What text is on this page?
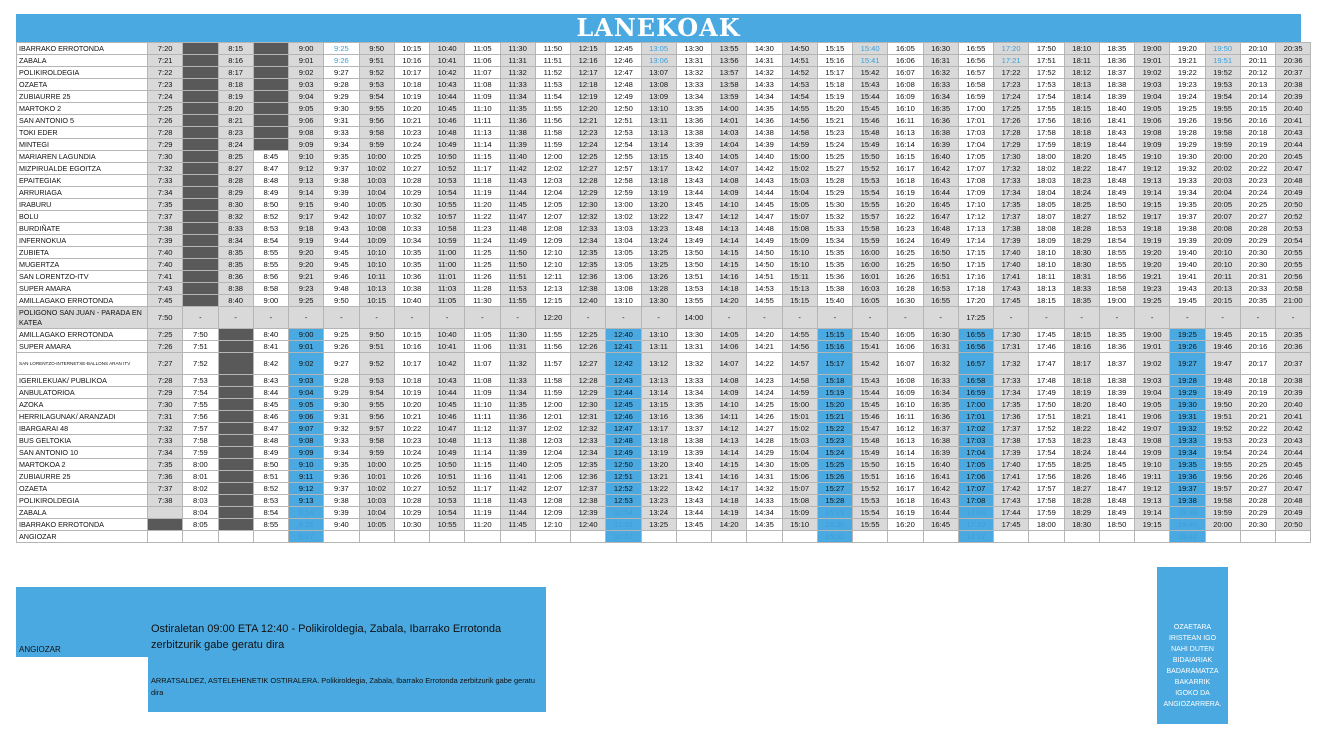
LANEKOAK
IBARRAKO ERROTONDA	7:20		8:15		9:00	9:25	9:50	10:15	10:40	11:05	11:30	11:50	12:15	12:45	13:05	13:30	13:55	14:30	14:50	15:15	15:40	16:05	16:30	16:55	17:20	17:50	18:10	18:35	19:00	19:20	19:50	20:10	20:35
ZABALA	7:21		8:16		9:01	9:26	9:51	10:16	10:41	11:06	11:31	11:51	12:16	12:46	13:06	13:31	13:56	14:31	14:51	15:16	15:41	16:06	16:31	16:56	17:21	17:51	18:11	18:36	19:01	19:21	19:51	20:11	20:36
POLIKIROLDEGIA	7:22		8:17		9:02	9:27	9:52	10:17	10:42	11:07	11:32	11:52	12:17	12:47	13:07	13:32	13:57	14:32	14:52	15:17	15:42	16:07	16:32	16:57	17:22	17:52	18:12	18:37	19:02	19:22	19:52	20:12	20:37
OZAETA	7:23		8:18		9:03	9:28	9:53	10:18	10:43	11:08	11:33	11:53	12:18	12:48	13:08	13:33	13:58	14:33	14:53	15:18	15:43	16:08	16:33	16:58	17:23	17:53	18:13	18:38	19:03	19:23	19:53	20:13	20:38
ZUBIAURRE 25	7:24		8:19		9:04	9:29	9:54	10:19	10:44	11:09	11:34	11:54	12:19	12:49	13:09	13:34	13:59	14:34	14:54	15:19	15:44	16:09	16:34	16:59	17:24	17:54	18:14	18:39	19:04	19:24	19:54	20:14	20:39
MARTOKO 2	7:25		8:20		9:05	9:30	9:55	10:20	10:45	11:10	11:35	11:55	12:20	12:50	13:10	13:35	14:00	14:35	14:55	15:20	15:45	16:10	16:35	17:00	17:25	17:55	18:15	18:40	19:05	19:25	19:55	20:15	20:40
SAN ANTONIO 5	7:26		8:21		9:06	9:31	9:56	10:21	10:46	11:11	11:36	11:56	12:21	12:51	13:11	13:36	14:01	14:36	14:56	15:21	15:46	16:11	16:36	17:01	17:26	17:56	18:16	18:41	19:06	19:26	19:56	20:16	20:41
TOKI EDER	7:28		8:23		9:08	9:33	9:58	10:23	10:48	11:13	11:38	11:58	12:23	12:53	13:13	13:38	14:03	14:38	14:58	15:23	15:48	16:13	16:38	17:03	17:28	17:58	18:18	18:43	19:08	19:28	19:58	20:18	20:43
MINTEGI	7:29		8:24		9:09	9:34	9:59	10:24	10:49	11:14	11:39	11:59	12:24	12:54	13:14	13:39	14:04	14:39	14:59	15:24	15:49	16:14	16:39	17:04	17:29	17:59	18:19	18:44	19:09	19:29	19:59	20:19	20:44
MARIAREN LAGUNDIA	7:30		8:25	8:45	9:10	9:35	10:00	10:25	10:50	11:15	11:40	12:00	12:25	12:55	13:15	13:40	14:05	14:40	15:00	15:25	15:50	16:15	16:40	17:05	17:30	18:00	18:20	18:45	19:10	19:30	20:00	20:20	20:45
MIZPIRUALDE EGOITZA	7:32		8:27	8:47	9:12	9:37	10:02	10:27	10:52	11:17	11:42	12:02	12:27	12:57	13:17	13:42	14:07	14:42	15:02	15:27	15:52	16:17	16:42	17:07	17:32	18:02	18:22	18:47	19:12	19:32	20:02	20:22	20:47
EPAITEGIAK	7:33		8:28	8:48	9:13	9:38	10:03	10:28	10:53	11:18	11:43	12:03	12:28	12:58	13:18	13:43	14:08	14:43	15:03	15:28	15:53	16:18	16:43	17:08	17:33	18:03	18:23	18:48	19:13	19:33	20:03	20:23	20:48
ARRURIAGA	7:34		8:29	8:49	9:14	9:39	10:04	10:29	10:54	11:19	11:44	12:04	12:29	12:59	13:19	13:44	14:09	14:44	15:04	15:29	15:54	16:19	16:44	17:09	17:34	18:04	18:24	18:49	19:14	19:34	20:04	20:24	20:49
IRABURU	7:35		8:30	8:50	9:15	9:40	10:05	10:30	10:55	11:20	11:45	12:05	12:30	13:00	13:20	13:45	14:10	14:45	15:05	15:30	15:55	16:20	16:45	17:10	17:35	18:05	18:25	18:50	19:15	19:35	20:05	20:25	20:50
BOLU	7:37		8:32	8:52	9:17	9:42	10:07	10:32	10:57	11:22	11:47	12:07	12:32	13:02	13:22	13:47	14:12	14:47	15:07	15:32	15:57	16:22	16:47	17:12	17:37	18:07	18:27	18:52	19:17	19:37	20:07	20:27	20:52
BURDIÑATE	7:38		8:33	8:53	9:18	9:43	10:08	10:33	10:58	11:23	11:48	12:08	12:33	13:03	13:23	13:48	14:13	14:48	15:08	15:33	15:58	16:23	16:48	17:13	17:38	18:08	18:28	18:53	19:18	19:38	20:08	20:28	20:53
INFERNOKUA	7:39		8:34	8:54	9:19	9:44	10:09	10:34	10:59	11:24	11:49	12:09	12:34	13:04	13:24	13:49	14:14	14:49	15:09	15:34	15:59	16:24	16:49	17:14	17:39	18:09	18:29	18:54	19:19	19:39	20:09	20:29	20:54
ZUBIETA	7:40		8:35	8:55	9:20	9:45	10:10	10:35	11:00	11:25	11:50	12:10	12:35	13:05	13:25	13:50	14:15	14:50	15:10	15:35	16:00	16:25	16:50	17:15	17:40	18:10	18:30	18:55	19:20	19:40	20:10	20:30	20:55
MUGERTZA	7:40		8:35	8:55	9:20	9:45	10:10	10:35	11:00	11:25	11:50	12:10	12:35	13:05	13:25	13:50	14:15	14:50	15:10	15:35	16:00	16:25	16:50	17:15	17:40	18:10	18:30	18:55	19:20	19:40	20:10	20:30	20:55
SAN LORENTZO-ITV	7:41		8:36	8:56	9:21	9:46	10:11	10:36	11:01	11:26	11:51	12:11	12:36	13:06	13:26	13:51	14:16	14:51	15:11	15:36	16:01	16:26	16:51	17:16	17:41	18:11	18:31	18:56	19:21	19:41	20:11	20:31	20:56
SUPER AMARA	7:43		8:38	8:58	9:23	9:48	10:13	10:38	11:03	11:28	11:53	12:13	12:38	13:08	13:28	13:53	14:18	14:53	15:13	15:38	16:03	16:28	16:53	17:18	17:43	18:13	18:33	18:58	19:23	19:43	20:13	20:33	20:58
AMILLAGAKO ERROTONDA	7:45		8:40	9:00	9:25	9:50	10:15	10:40	11:05	11:30	11:55	12:15	12:40	13:10	13:30	13:55	14:20	14:55	15:15	15:40	16:05	16:30	16:55	17:20	17:45	18:15	18:35	19:00	19:25	19:45	20:15	20:35	21:00
POLIGONO SAN JUAN - PARADA EN KATEA	7:50	-	-	-	-	-	-	-	-	-	-	12:20	-	-	-	14:00	-	-	-	-	-	-	-	17:25	-	-	-	-	-	-	-	-	-
AMILLAGAKO ERROTONDA	7:25	7:50		8:40	9:00	9:25	9:50	10:15	10:40	11:05	11:30	11:55	12:25	12:40	13:10	13:30	14:05	14:20	14:55	15:15	15:40	16:05	16:30	16:55	17:30	17:45	18:15	18:35	19:00	19:25	19:45	20:15	20:35
SUPER AMARA	7:26	7:51		8:41	9:01	9:26	9:51	10:16	10:41	11:06	11:31	11:56	12:26	12:41	13:11	13:31	14:06	14:21	14:56	15:16	15:41	16:06	16:31	16:56	17:31	17:46	18:16	18:36	19:01	19:26	19:46	20:16	20:36
SAN LORENTZO-INTERNETXE-BALLONS ARAN ITV	7:27	7:52		8:42	9:02	9:27	9:52	10:17	10:42	11:07	11:32	11:57	12:27	12:42	13:12	13:32	14:07	14:22	14:57	15:17	15:42	16:07	16:32	16:57	17:32	17:47	18:17	18:37	19:02	19:27	19:47	20:17	20:37
IGERILEKUAK/ PUBLIKOA	7:28	7:53		8:43	9:03	9:28	9:53	10:18	10:43	11:08	11:33	11:58	12:28	12:43	13:13	13:33	14:08	14:23	14:58	15:18	15:43	16:08	16:33	16:58	17:33	17:48	18:18	18:38	19:03	19:28	19:48	20:18	20:38
ANBULATORIOA	7:29	7:54		8:44	9:04	9:29	9:54	10:19	10:44	11:09	11:34	11:59	12:29	12:44	13:14	13:34	14:09	14:24	14:59	15:19	15:44	16:09	16:34	16:59	17:34	17:49	18:19	18:39	19:04	19:29	19:49	20:19	20:39
AZOKA	7:30	7:55		8:45	9:05	9:30	9:55	10:20	10:45	11:10	11:35	12:00	12:30	12:45	13:15	13:35	14:10	14:25	15:00	15:20	15:45	16:10	16:35	17:00	17:35	17:50	18:20	18:40	19:05	19:30	19:50	20:20	20:40
HERRILAGUNAK/ ARANZADI	7:31	7:56		8:46	9:06	9:31	9:56	10:21	10:46	11:11	11:36	12:01	12:31	12:46	13:16	13:36	14:11	14:26	15:01	15:21	15:46	16:11	16:36	17:01	17:36	17:51	18:21	18:41	19:06	19:31	19:51	20:21	20:41
IBARGARAI 48	7:32	7:57		8:47	9:07	9:32	9:57	10:22	10:47	11:12	11:37	12:02	12:32	12:47	13:17	13:37	14:12	14:27	15:02	15:22	15:47	16:12	16:37	17:02	17:37	17:52	18:22	18:42	19:07	19:32	19:52	20:22	20:42
BUS GELTOKIA	7:33	7:58		8:48	9:08	9:33	9:58	10:23	10:48	11:13	11:38	12:03	12:33	12:48	13:18	13:38	14:13	14:28	15:03	15:23	15:48	16:13	16:38	17:03	17:38	17:53	18:23	18:43	19:08	19:33	19:53	20:23	20:43
SAN ANTONIO 10	7:34	7:59		8:49	9:09	9:34	9:59	10:24	10:49	11:14	11:39	12:04	12:34	12:49	13:19	13:39	14:14	14:29	15:04	15:24	15:49	16:14	16:39	17:04	17:39	17:54	18:24	18:44	19:09	19:34	19:54	20:24	20:44
MARTOKOA 2	7:35	8:00		8:50	9:10	9:35	10:00	10:25	10:50	11:15	11:40	12:05	12:35	12:50	13:20	13:40	14:15	14:30	15:05	15:25	15:50	16:15	16:40	17:05	17:40	17:55	18:25	18:45	19:10	19:35	19:55	20:25	20:45
ZUBIAURRE 25	7:36	8:01		8:51	9:11	9:36	10:01	10:26	10:51	11:16	11:41	12:06	12:36	12:51	13:21	13:41	14:16	14:31	15:06	15:26	15:51	16:16	16:41	17:06	17:41	17:56	18:26	18:46	19:11	19:36	19:56	20:26	20:46
OZAETA	7:37	8:02		8:52	9:12	9:37	10:02	10:27	10:52	11:17	11:42	12:07	12:37	12:52	13:22	13:42	14:17	14:32	15:07	15:27	15:52	16:17	16:42	17:07	17:42	17:57	18:27	18:47	19:12	19:37	19:57	20:27	20:47
POLIKIROLDEGIA	7:38	8:03		8:53	9:13	9:38	10:03	10:28	10:53	11:18	11:43	12:08	12:38	12:53	13:23	13:43	14:18	14:33	15:08	15:28	15:53	16:18	16:43	17:08	17:43	17:58	18:28	18:48	19:13	19:38	19:58	20:28	20:48
ZABALA		8:04		8:54	9:14	9:39	10:04	10:29	10:54	11:19	11:44	12:09	12:39	12:54	13:24	13:44	14:19	14:34	15:09	15:29	15:54	16:19	16:44	17:09	17:44	17:59	18:29	18:49	19:14	19:39	19:59	20:29	20:49
IBARRAKO ERROTONDA		8:05		8:55	9:15	9:40	10:05	10:30	10:55	11:20	11:45	12:10	12:40	12:55	13:25	13:45	14:20	14:35	15:10	15:30	15:55	16:20	16:45	17:10	17:45	18:00	18:30	18:50	19:15	19:40	20:00	20:30	20:50
ANGIOZAR					9:17									12:57						15:32				17:12						19:42			
ANGIOZAR
Ostiraletan 09:00 ETA 12:40 - Polikiroldegia, Zabala, Ibarrako Errotonda zerbitzurik gabe geratu dira
ARRATSALDEZ, ASTELEHENETIK OSTIRALERA. Polikiroldegia, Zabala, Ibarrako Errotonda zerbitzurik gabe geratu dira
OZAETARA IRISTEAN IGO NAHI DUTEN BIDAIARIAK BADARAMATZA BAKARRIK IGOKO DA ANGIOZARRERA.
